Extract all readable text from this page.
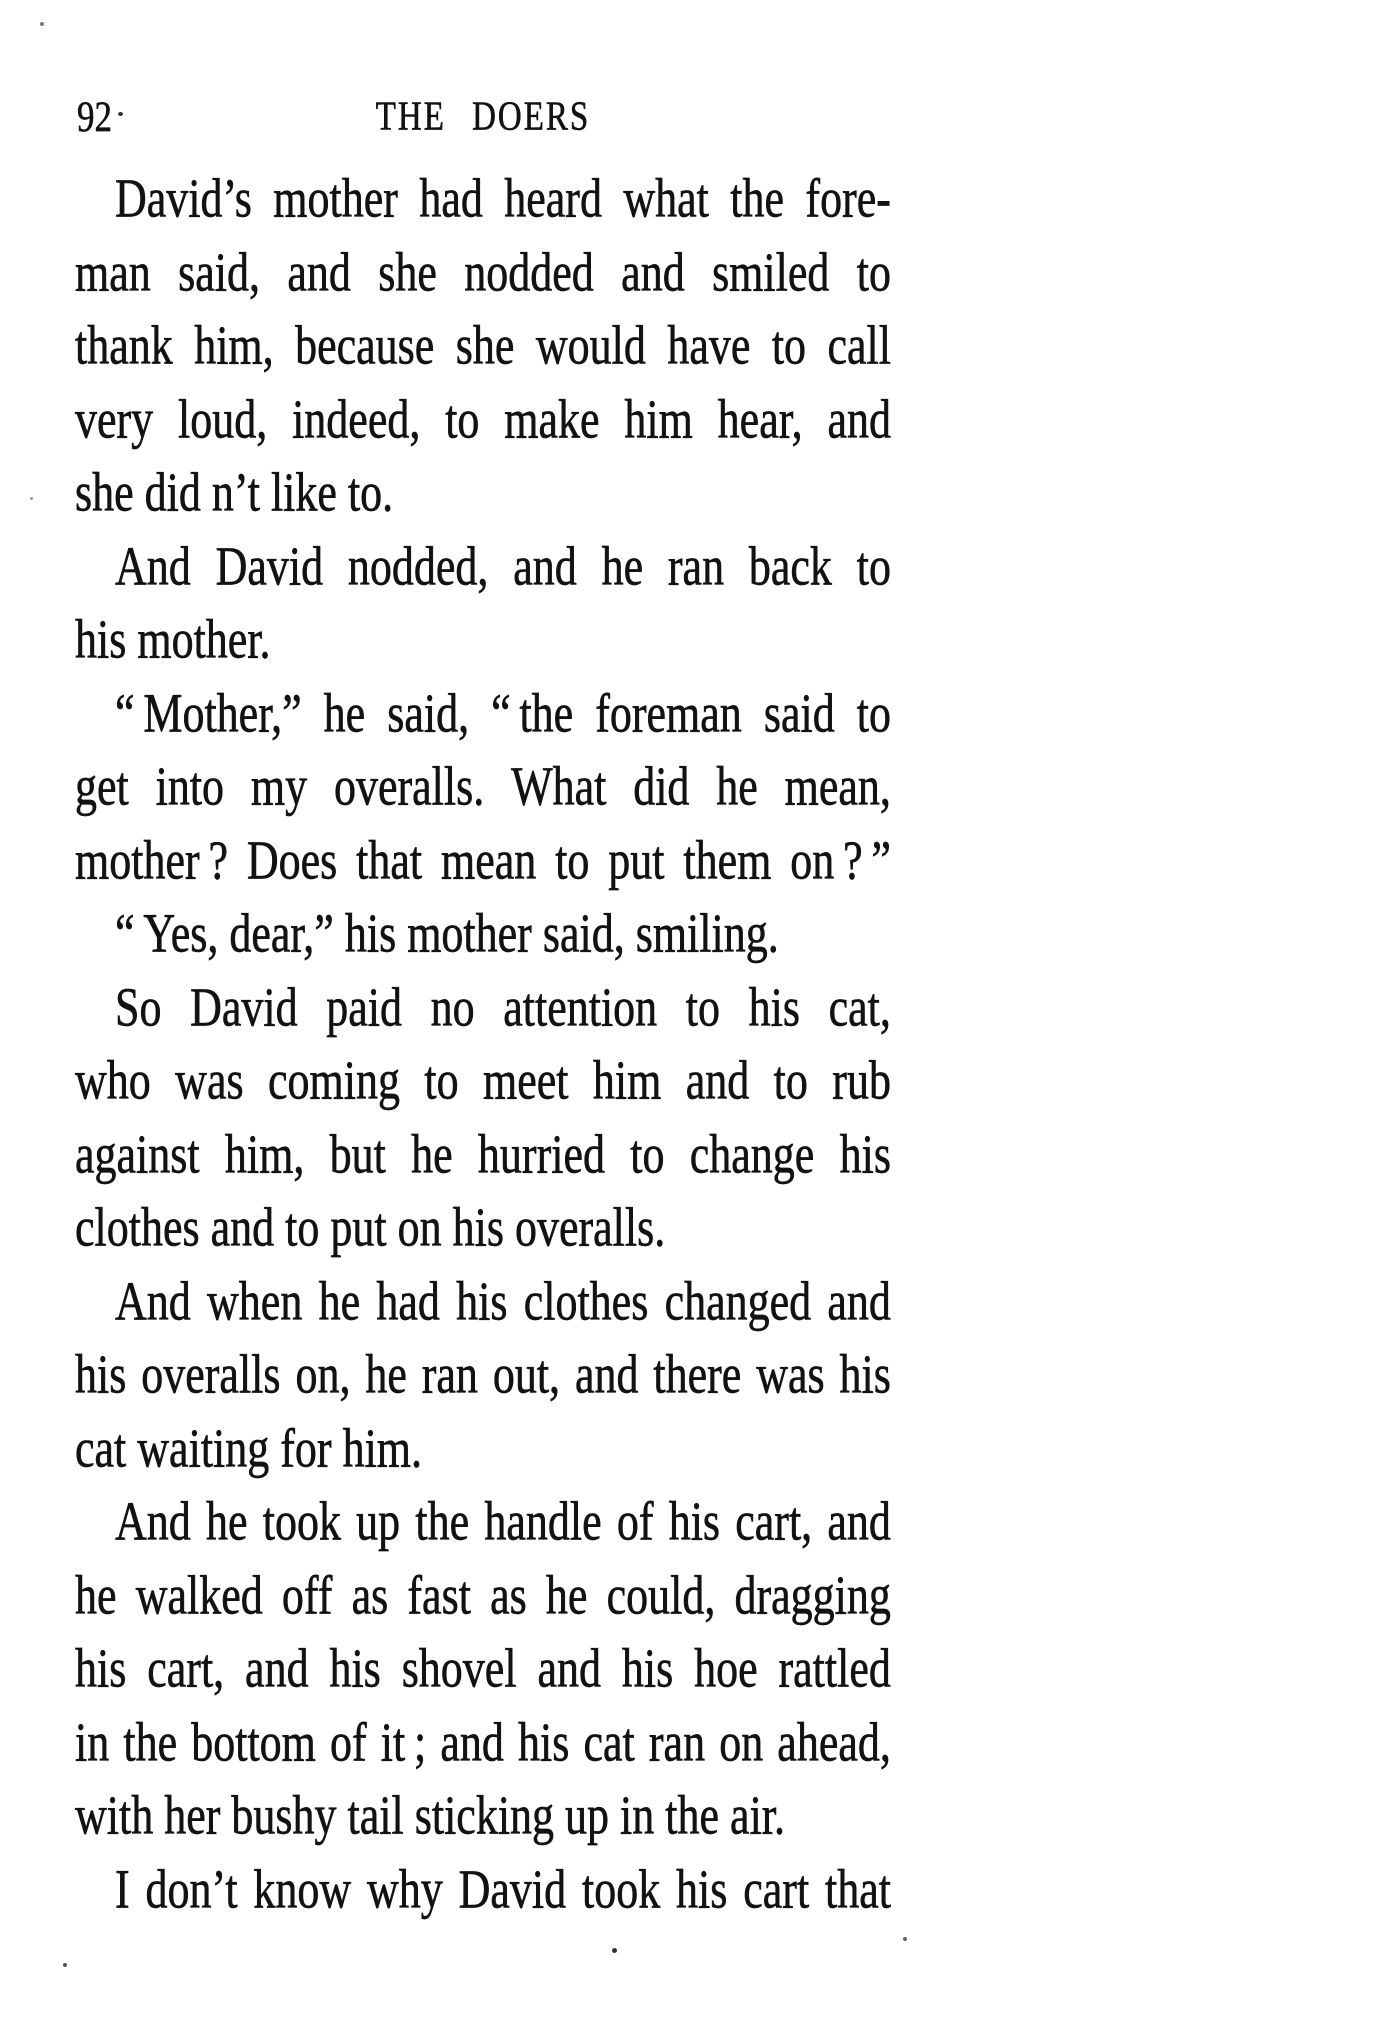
92	THE DOERS
David’s mother had heard what the fore-
man said, and she nodded and smiled to
thank him, because she would have to call
very loud, indeed, to make him hear, and
she did n’t like to.
And David nodded, and he ran back to
his mother.
“ Mother,” he said, “ the foreman said to
get into my overalls. What did he mean,
mother ? Does that mean to put them on ? ”
“ Yes, dear,” his mother said, smiling.
So David paid no attention to his cat,
who was coming to meet him and to rub
against him, but he hurried to change his
clothes and to put on his overalls.
And when he had his clothes changed and
his overalls on, he ran out, and there was his
cat waiting for him.
And he took up the handle of his cart, and
he walked off as fast as he could, dragging
his cart, and his shovel and his hoe rattled
in the bottom of it ; and his cat ran on ahead,
with her bushy tail sticking up in the air.
I don’t know why David took his cart that
